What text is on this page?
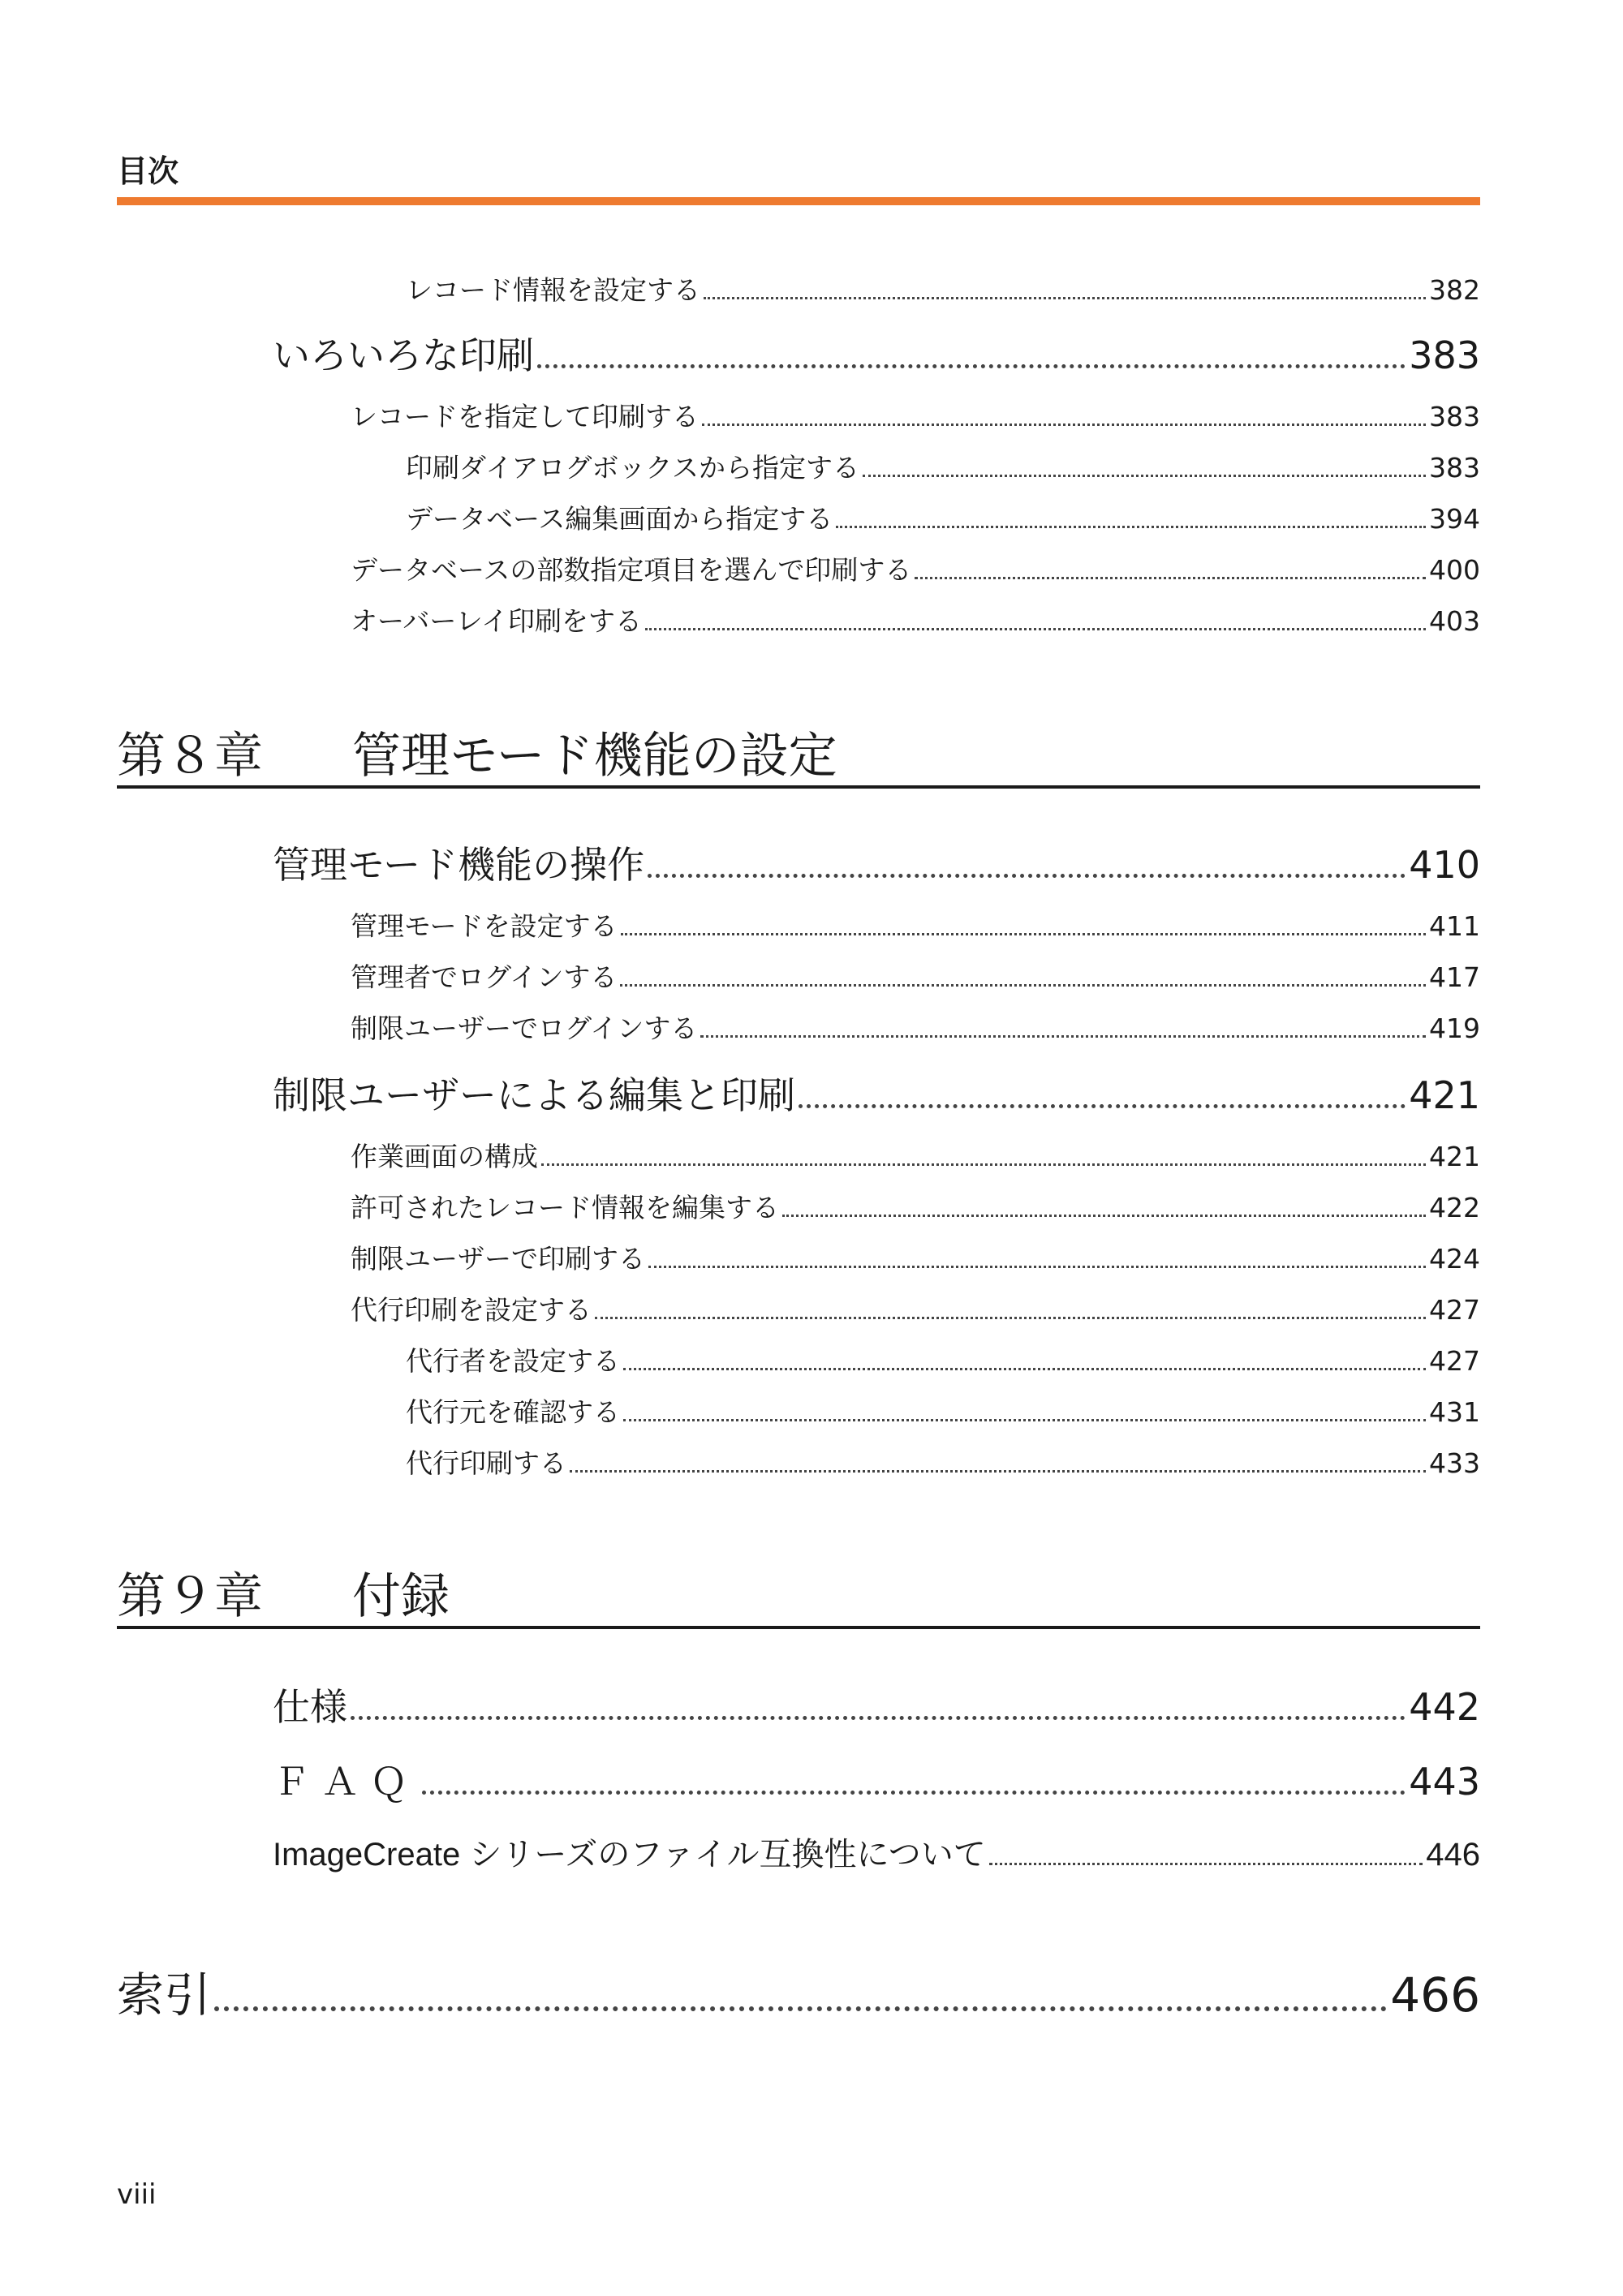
目次
レコード情報を設定する	382
いろいろな印刷	383
レコードを指定して印刷する	383
印刷ダイアログボックスから指定する	383
データベース編集画面から指定する	394
データベースの部数指定項目を選んで印刷する	400
オーバーレイ印刷をする	403
第８章	管理モード機能の設定
管理モード機能の操作	410
管理モードを設定する	411
管理者でログインする	417
制限ユーザーでログインする	419
制限ユーザーによる編集と印刷	421
作業画面の構成	421
許可されたレコード情報を編集する	422
制限ユーザーで印刷する	424
代行印刷を設定する	427
代行者を設定する	427
代行元を確認する	431
代行印刷する	433
第９章	付録
仕様	442
ＦＡＱ	443
ImageCreate シリーズのファイル互換性について	446
索引	466
viii
